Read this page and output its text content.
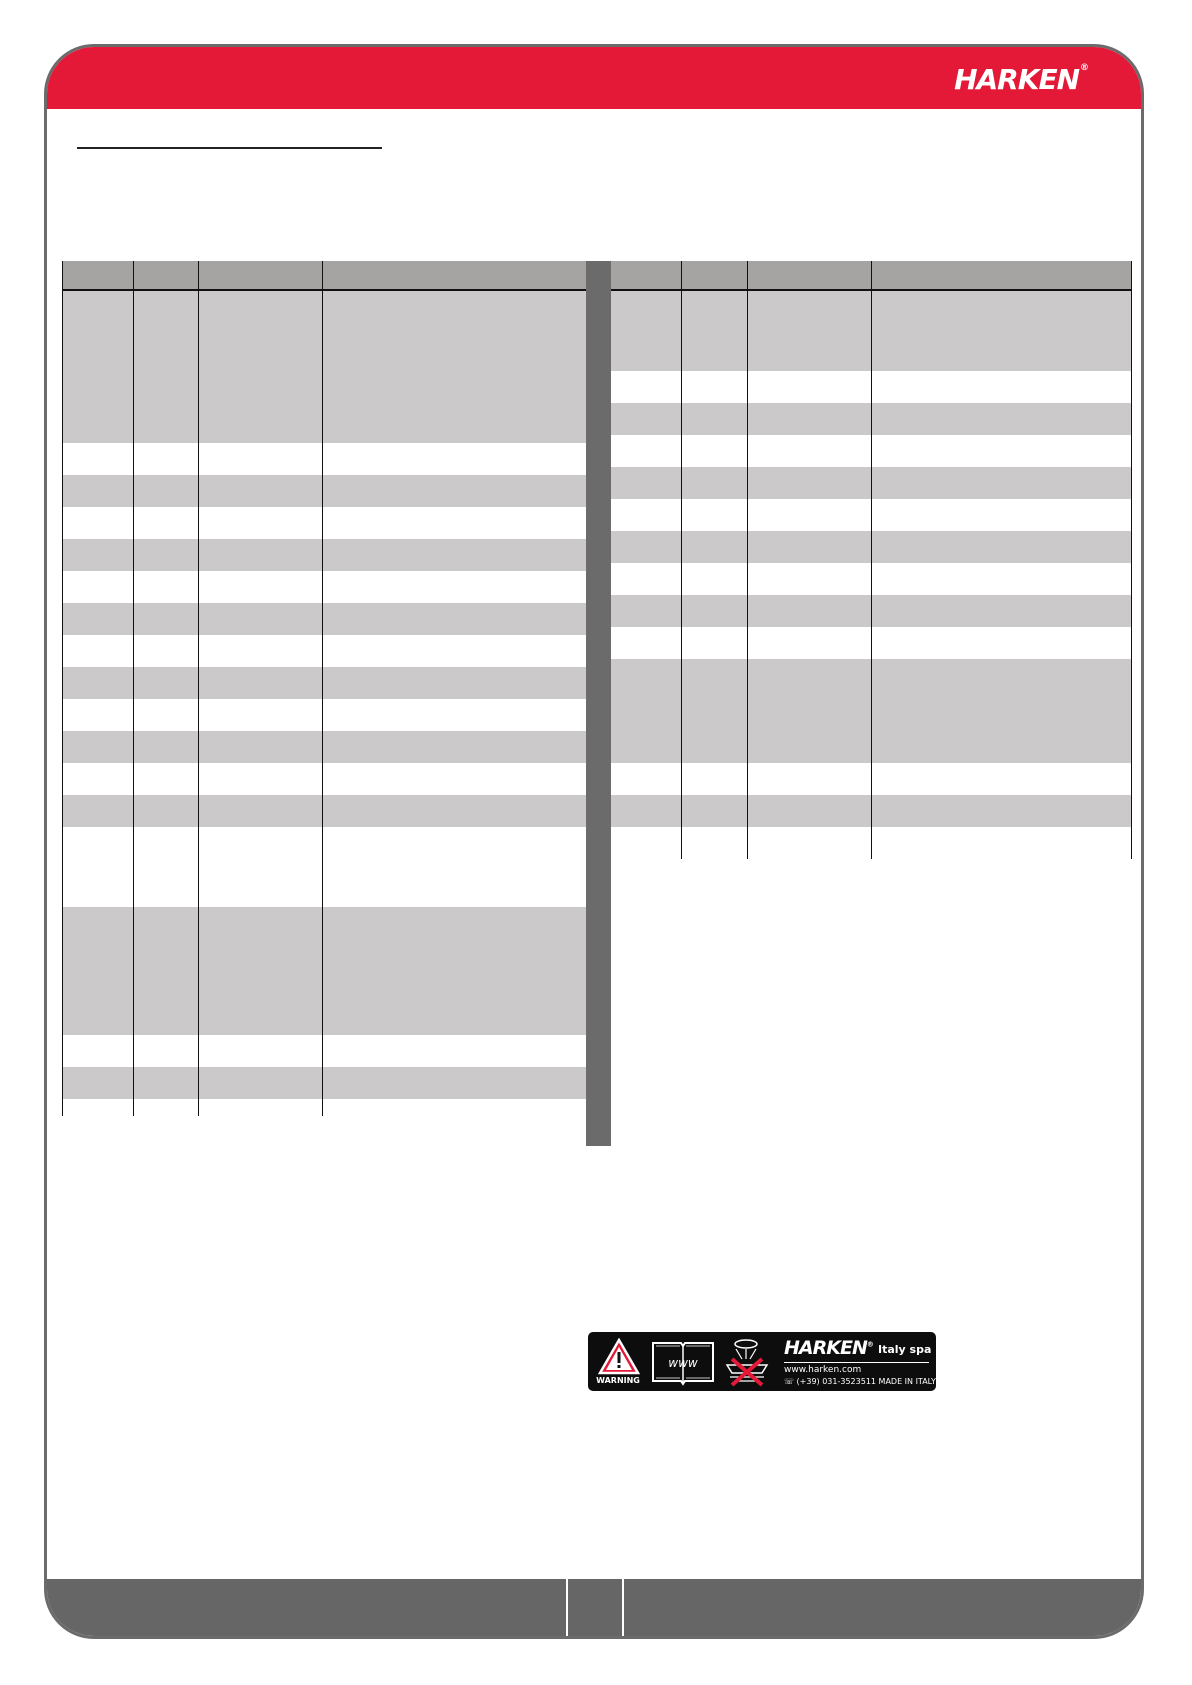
HARKEN®
WARNING
www
HARKEN® Italy spa
www.harken.com
☏ (+39) 031-3523511 MADE IN ITALY
